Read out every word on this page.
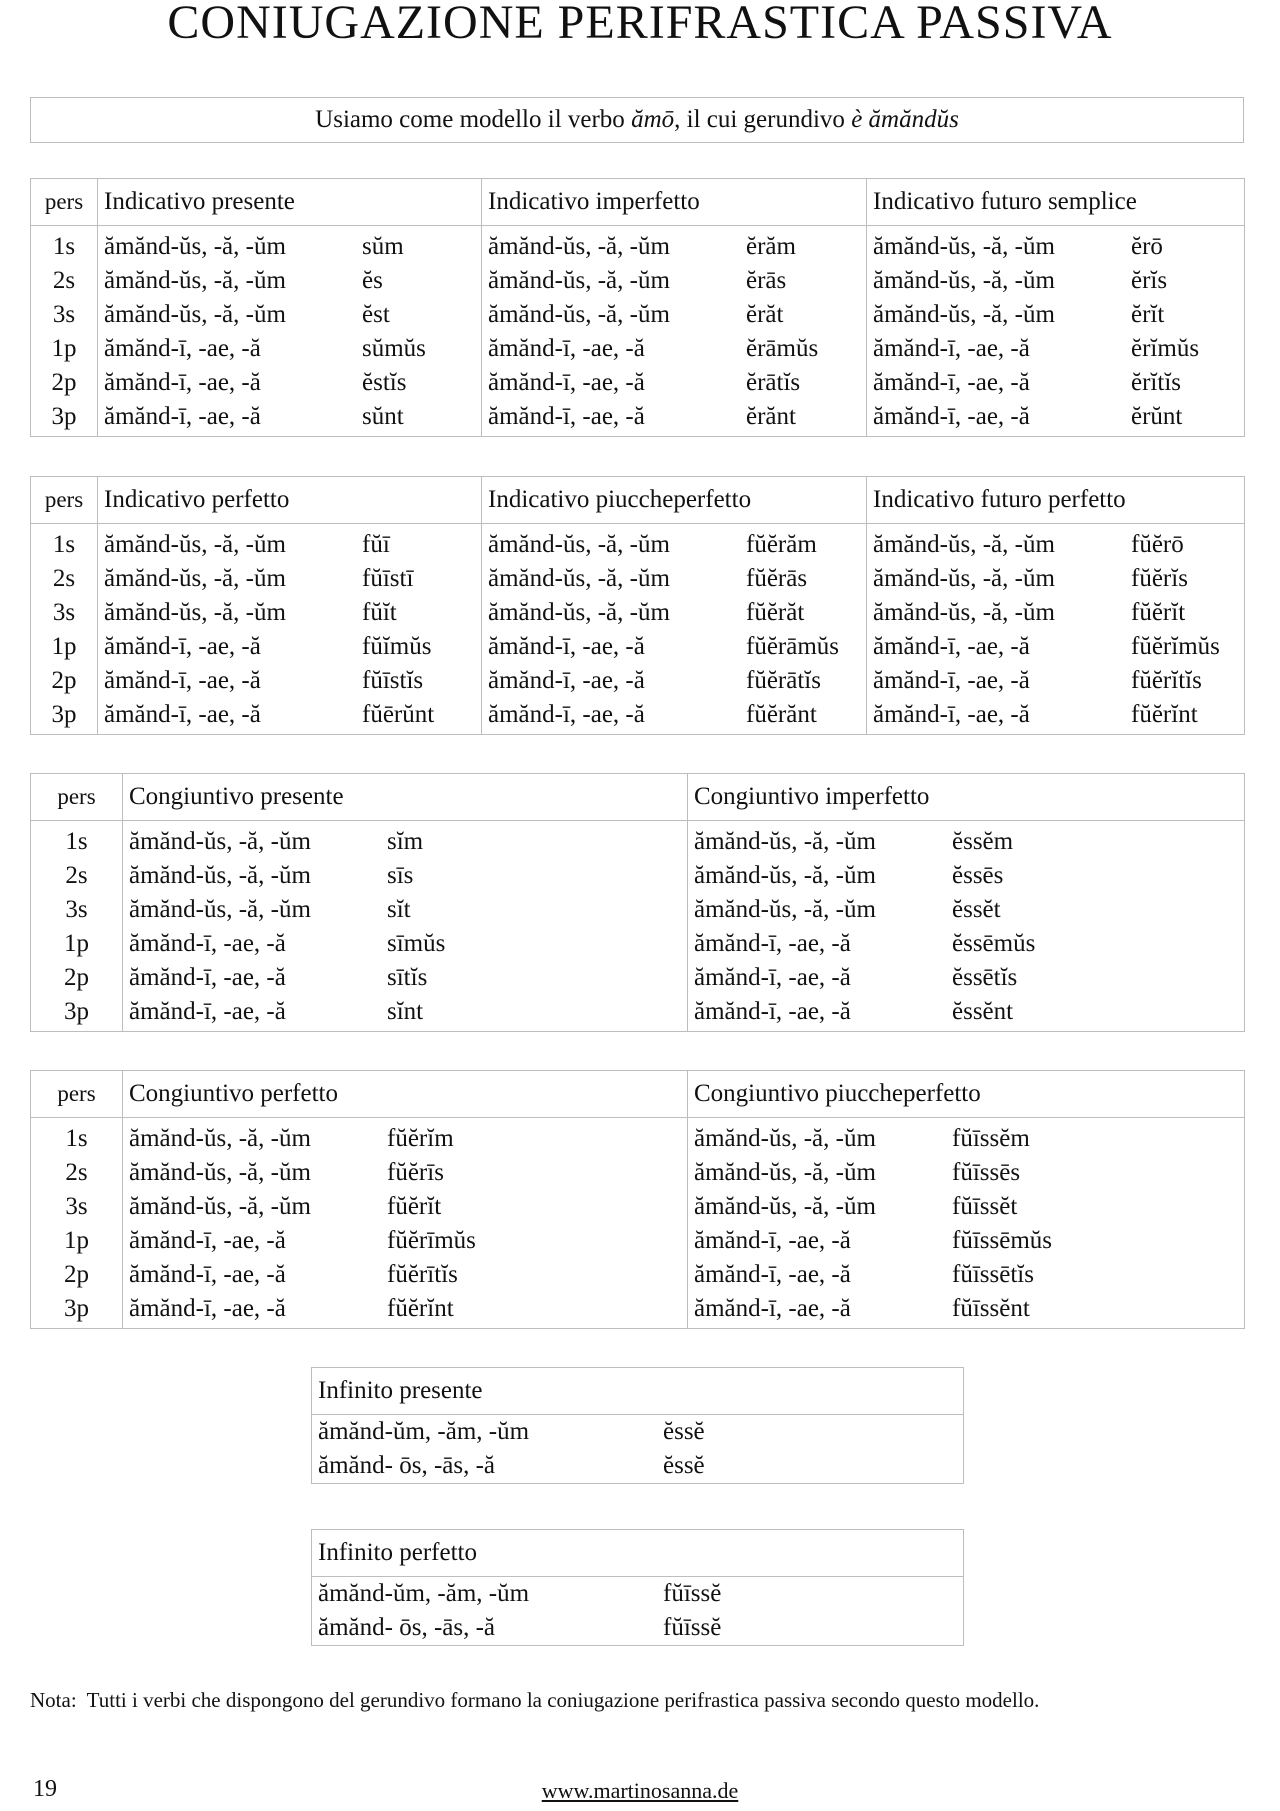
CONIUGAZIONE PERIFRASTICA PASSIVA
Usiamo come modello il verbo ămō, il cui gerundivo è ămăndŭs
pers	Indicativo presente	Indicativo imperfetto	Indicativo futuro semplice
1s	ămănd-ŭs, -ă, -ŭm sŭm	ămănd-ŭs, -ă, -ŭm ĕrăm	ămănd-ŭs, -ă, -ŭm ĕrō
2s	ămănd-ŭs, -ă, -ŭm ĕs	ămănd-ŭs, -ă, -ŭm ĕrās	ămănd-ŭs, -ă, -ŭm ĕrĭs
3s	ămănd-ŭs, -ă, -ŭm ĕst	ămănd-ŭs, -ă, -ŭm ĕrăt	ămănd-ŭs, -ă, -ŭm ĕrĭt
1p	ămănd-ī, -ae, -ă sŭmŭs	ămănd-ī, -ae, -ă ĕrāmŭs	ămănd-ī, -ae, -ă ĕrĭmŭs
2p	ămănd-ī, -ae, -ă ĕstĭs	ămănd-ī, -ae, -ă ĕrātĭs	ămănd-ī, -ae, -ă ĕrĭtĭs
3p	ămănd-ī, -ae, -ă sŭnt	ămănd-ī, -ae, -ă ĕrănt	ămănd-ī, -ae, -ă ĕrŭnt
pers	Indicativo perfetto	Indicativo piuccheperfetto	Indicativo futuro perfetto
1s	ămănd-ŭs, -ă, -ŭm fŭī	ămănd-ŭs, -ă, -ŭm fŭĕrăm	ămănd-ŭs, -ă, -ŭm fŭĕrō
2s	ămănd-ŭs, -ă, -ŭm fŭīstī	ămănd-ŭs, -ă, -ŭm fŭĕrās	ămănd-ŭs, -ă, -ŭm fŭĕrĭs
3s	ămănd-ŭs, -ă, -ŭm fŭĭt	ămănd-ŭs, -ă, -ŭm fŭĕrăt	ămănd-ŭs, -ă, -ŭm fŭĕrĭt
1p	ămănd-ī, -ae, -ă fŭĭmŭs	ămănd-ī, -ae, -ă fŭĕrāmŭs	ămănd-ī, -ae, -ă fŭĕrĭmŭs
2p	ămănd-ī, -ae, -ă fŭīstĭs	ămănd-ī, -ae, -ă fŭĕrātĭs	ămănd-ī, -ae, -ă fŭĕrĭtĭs
3p	ămănd-ī, -ae, -ă fŭērŭnt	ămănd-ī, -ae, -ă fŭĕrănt	ămănd-ī, -ae, -ă fŭĕrĭnt
pers	Congiuntivo presente	Congiuntivo imperfetto
1s	ămănd-ŭs, -ă, -ŭm sĭm	ămănd-ŭs, -ă, -ŭm ĕssĕm
2s	ămănd-ŭs, -ă, -ŭm sīs	ămănd-ŭs, -ă, -ŭm ĕssēs
3s	ămănd-ŭs, -ă, -ŭm sĭt	ămănd-ŭs, -ă, -ŭm ĕssĕt
1p	ămănd-ī, -ae, -ă sīmŭs	ămănd-ī, -ae, -ă ĕssēmŭs
2p	ămănd-ī, -ae, -ă sītĭs	ămănd-ī, -ae, -ă ĕssētĭs
3p	ămănd-ī, -ae, -ă sĭnt	ămănd-ī, -ae, -ă ĕssĕnt
pers	Congiuntivo perfetto	Congiuntivo piuccheperfetto
1s	ămănd-ŭs, -ă, -ŭm fŭĕrĭm	ămănd-ŭs, -ă, -ŭm fŭīssĕm
2s	ămănd-ŭs, -ă, -ŭm fŭĕrīs	ămănd-ŭs, -ă, -ŭm fŭīssēs
3s	ămănd-ŭs, -ă, -ŭm fŭĕrĭt	ămănd-ŭs, -ă, -ŭm fŭīssĕt
1p	ămănd-ī, -ae, -ă fŭĕrīmŭs	ămănd-ī, -ae, -ă fŭīssēmŭs
2p	ămănd-ī, -ae, -ă fŭĕrītĭs	ămănd-ī, -ae, -ă fŭīssētĭs
3p	ămănd-ī, -ae, -ă fŭĕrĭnt	ămănd-ī, -ae, -ă fŭīssĕnt
Infinito presente
ămănd-ŭm, -ăm, -ŭm	ĕssĕ
ămănd- ōs, -ās, -ă	ĕssĕ
Infinito perfetto
ămănd-ŭm, -ăm, -ŭm	fŭīssĕ
ămănd- ōs, -ās, -ă	fŭīssĕ
Nota: Tutti i verbi che dispongono del gerundivo formano la coniugazione perifrastica passiva secondo questo modello.
19	www.martinosanna.de
